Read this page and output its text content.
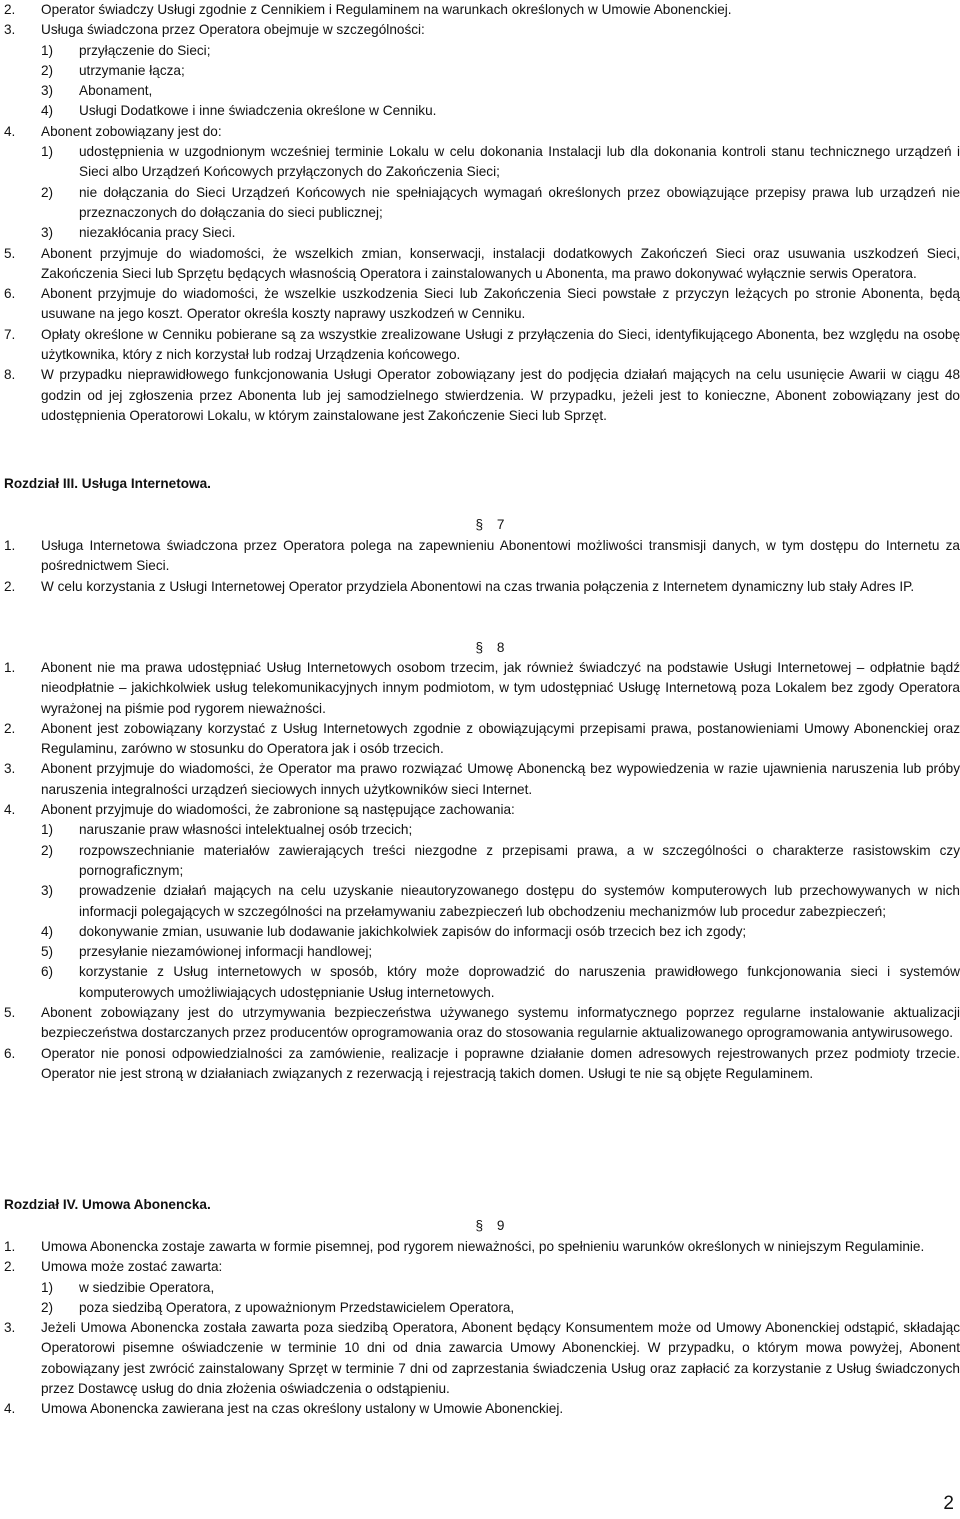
2. Operator świadczy Usługi zgodnie z Cennikiem i Regulaminem na warunkach określonych w Umowie Abonenckiej.
3. Usługa świadczona przez Operatora obejmuje w szczególności:
1) przyłączenie do Sieci;
2) utrzymanie łącza;
3) Abonament,
4) Usługi Dodatkowe i inne świadczenia określone w Cenniku.
4. Abonent zobowiązany jest do:
1) udostępnienia w uzgodnionym wcześniej terminie Lokalu w celu dokonania Instalacji lub dla dokonania kontroli stanu technicznego urządzeń i Sieci albo Urządzeń Końcowych przyłączonych do Zakończenia Sieci;
2) nie dołączania do Sieci Urządzeń Końcowych nie spełniających wymagań określonych przez obowiązujące przepisy prawa lub urządzeń nie przeznaczonych do dołączania do sieci publicznej;
3) niezakłócania pracy Sieci.
5. Abonent przyjmuje do wiadomości, że wszelkich zmian, konserwacji, instalacji dodatkowych Zakończeń Sieci oraz usuwania uszkodzeń Sieci, Zakończenia Sieci lub Sprzętu będących własnością Operatora i zainstalowanych u Abonenta, ma prawo dokonywać wyłącznie serwis Operatora.
6. Abonent przyjmuje do wiadomości, że wszelkie uszkodzenia Sieci lub Zakończenia Sieci powstałe z przyczyn leżących po stronie Abonenta, będą usuwane na jego koszt. Operator określa koszty naprawy uszkodzeń w Cenniku.
7. Opłaty określone w Cenniku pobierane są za wszystkie zrealizowane Usługi z przyłączenia do Sieci, identyfikującego Abonenta, bez względu na osobę użytkownika, który z nich korzystał lub rodzaj Urządzenia końcowego.
8. W przypadku nieprawidłowego funkcjonowania Usługi Operator zobowiązany jest do podjęcia działań mających na celu usunięcie Awarii w ciągu 48 godzin od jej zgłoszenia przez Abonenta lub jej samodzielnego stwierdzenia. W przypadku, jeżeli jest to konieczne, Abonent zobowiązany jest do udostępnienia Operatorowi Lokalu, w którym zainstalowane jest Zakończenie Sieci lub Sprzęt.
Rozdział III. Usługa Internetowa.
§ 7
1. Usługa Internetowa świadczona przez Operatora polega na zapewnieniu Abonentowi możliwości transmisji danych, w tym dostępu do Internetu za pośrednictwem Sieci.
2. W celu korzystania z Usługi Internetowej Operator przydziela Abonentowi na czas trwania połączenia z Internetem dynamiczny lub stały Adres IP.
§ 8
1. Abonent nie ma prawa udostępniać Usług Internetowych osobom trzecim, jak również świadczyć na podstawie Usługi Internetowej – odpłatnie bądź nieodpłatnie – jakichkolwiek usług telekomunikacyjnych innym podmiotom, w tym udostępniać Usługę Internetową poza Lokalem bez zgody Operatora wyrażonej na piśmie pod rygorem nieważności.
2. Abonent jest zobowiązany korzystać z Usług Internetowych zgodnie z obowiązującymi przepisami prawa, postanowieniami Umowy Abonenckiej oraz Regulaminu, zarówno w stosunku do Operatora jak i osób trzecich.
3. Abonent przyjmuje do wiadomości, że Operator ma prawo rozwiązać Umowę Abonencką bez wypowiedzenia w razie ujawnienia naruszenia lub próby naruszenia integralności urządzeń sieciowych innych użytkowników sieci Internet.
4. Abonent przyjmuje do wiadomości, że zabronione są następujące zachowania:
1) naruszanie praw własności intelektualnej osób trzecich;
2) rozpowszechnianie materiałów zawierających treści niezgodne z przepisami prawa, a w szczególności o charakterze rasistowskim czy pornograficznym;
3) prowadzenie działań mających na celu uzyskanie nieautoryzowanego dostępu do systemów komputerowych lub przechowywanych w nich informacji polegających w szczególności na przełamywaniu zabezpieczeń lub obchodzeniu mechanizmów lub procedur zabezpieczeń;
4) dokonywanie zmian, usuwanie lub dodawanie jakichkolwiek zapisów do informacji osób trzecich bez ich zgody;
5) przesyłanie niezamówionej informacji handlowej;
6) korzystanie z Usług internetowych w sposób, który może doprowadzić do naruszenia prawidłowego funkcjonowania sieci i systemów komputerowych umożliwiających udostępnianie Usług internetowych.
5. Abonent zobowiązany jest do utrzymywania bezpieczeństwa używanego systemu informatycznego poprzez regularne instalowanie aktualizacji bezpieczeństwa dostarczanych przez producentów oprogramowania oraz do stosowania regularnie aktualizowanego oprogramowania antywirusowego.
6. Operator nie ponosi odpowiedzialności za zamówienie, realizacje i poprawne działanie domen adresowych rejestrowanych przez podmioty trzecie. Operator nie jest stroną w działaniach związanych z rezerwacją i rejestracją takich domen. Usługi te nie są objęte Regulaminem.
Rozdział IV. Umowa Abonencka.
§ 9
1. Umowa Abonencka zostaje zawarta w formie pisemnej, pod rygorem nieważności, po spełnieniu warunków określonych w niniejszym Regulaminie.
2. Umowa może zostać zawarta:
1) w siedzibie Operatora,
2) poza siedzibą Operatora, z upoważnionym Przedstawicielem Operatora,
3. Jeżeli Umowa Abonencka została zawarta poza siedzibą Operatora, Abonent będący Konsumentem może od Umowy Abonenckiej odstąpić, składając Operatorowi pisemne oświadczenie w terminie 10 dni od dnia zawarcia Umowy Abonenckiej. W przypadku, o którym mowa powyżej, Abonent zobowiązany jest zwrócić zainstalowany Sprzęt w terminie 7 dni od zaprzestania świadczenia Usług oraz zapłacić za korzystanie z Usług świadczonych przez Dostawcę usług do dnia złożenia oświadczenia o odstąpieniu.
4. Umowa Abonencka zawierana jest na czas określony ustalony w Umowie Abonenckiej.
2
